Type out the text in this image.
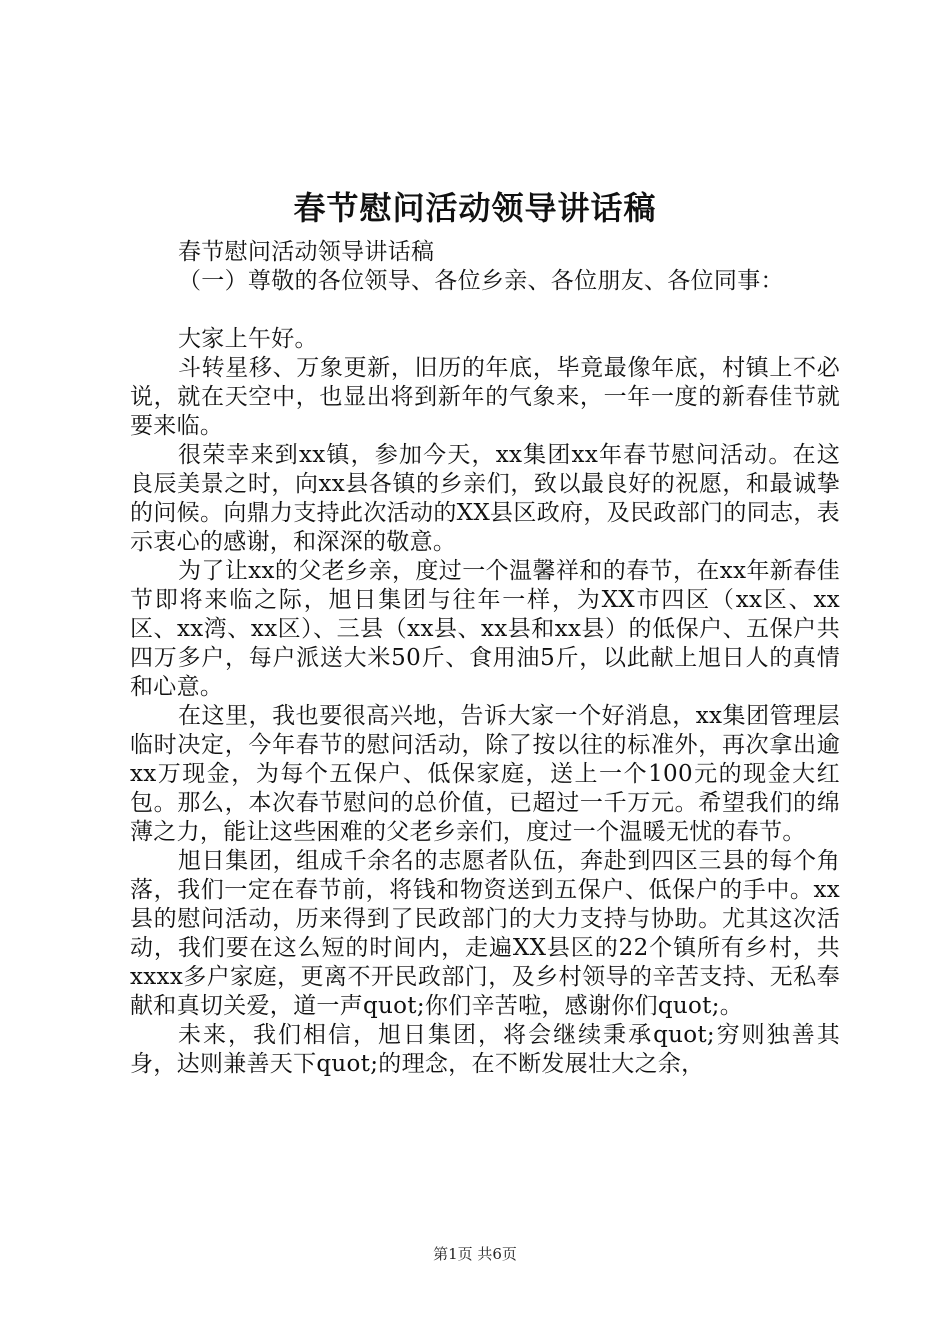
春节慰问活动领导讲话稿

春节慰问活动领导讲话稿

（一）尊敬的各位领导、各位乡亲、各位朋友、各位同事：

大家上午好。

斗转星移、万象更新，旧历的年底，毕竟最像年底，村镇上不必说，就在天空中，也显出将到新年的气象来，一年一度的新春佳节就要来临。

很荣幸来到xx镇，参加今天，xx集团xx年春节慰问活动。在这良辰美景之时，向xx县各镇的乡亲们，致以最良好的祝愿，和最诚挚的问候。向鼎力支持此次活动的XX县区政府，及民政部门的同志，表示衷心的感谢，和深深的敬意。

为了让xx的父老乡亲，度过一个温馨祥和的春节，在xx年新春佳节即将来临之际，旭日集团与往年一样，为XX市四区（xx区、xx区、xx湾、xx区）、三县（xx县、xx县和xx县）的低保户、五保户共四万多户，每户派送大米50斤、食用油5斤，以此献上旭日人的真情和心意。

在这里，我也要很高兴地，告诉大家一个好消息，xx集团管理层临时决定，今年春节的慰问活动，除了按以往的标准外，再次拿出逾xx万现金，为每个五保户、低保家庭，送上一个100元的现金大红包。那么，本次春节慰问的总价值，已超过一千万元。希望我们的绵薄之力，能让这些困难的父老乡亲们，度过一个温暖无忧的春节。

旭日集团，组成千余名的志愿者队伍，奔赴到四区三县的每个角落，我们一定在春节前，将钱和物资送到五保户、低保户的手中。xx县的慰问活动，历来得到了民政部门的大力支持与协助。尤其这次活动，我们要在这么短的时间内，走遍XX县区的22个镇所有乡村，共xxxx多户家庭，更离不开民政部门，及乡村领导的辛苦支持、无私奉献和真切关爱，道一声quot;你们辛苦啦，感谢你们quot;。

未来，我们相信，旭日集团，将会继续秉承quot;穷则独善其身，达则兼善天下quot;的理念，在不断发展壮大之余，

第1页 共6页
